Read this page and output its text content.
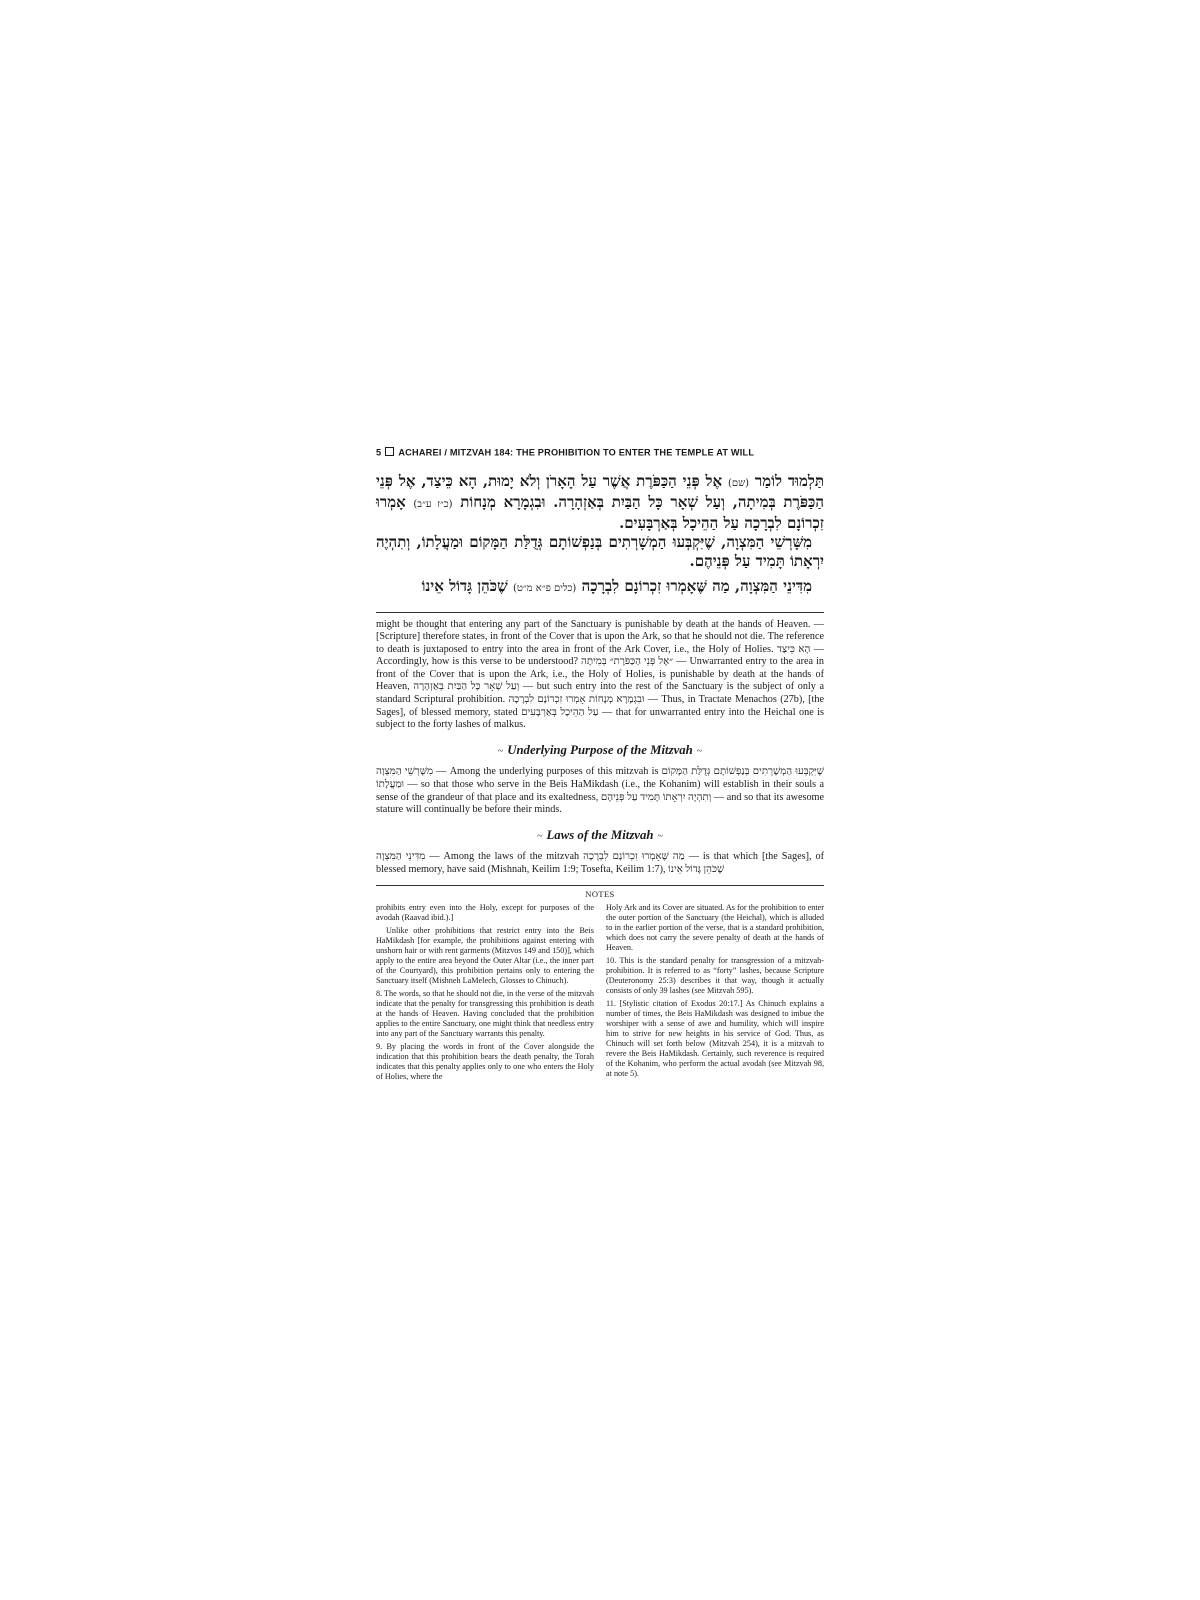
5 ACHAREI / MITZVAH 184: THE PROHIBITION TO ENTER THE TEMPLE AT WILL

תַּלְמוּד לוֹמַר (שם) אֶל פְּנֵי הַכַּפֹּרֶת אֲשֶׁר עַל הָאָרֹן וְלֹא יָמוּת, הָא כֵּיצַד, אֶל פְּנֵי הַכַּפֹּרֶת בְּמִיתָה, וְעַל שְׁאָר כָּל הַבַּיִת בְּאַזְהָרָה. וּבִגְמָרָא מְנָחוֹת (כ״ז ע״ב) אָמְרוּ זִכְרוֹנָם לִבְרָכָה עַל הַהֵיכָל בְּאַרְבָּעִים.

מִשָּׁרְשֵׁי הַמִּצְוָה, שֶׁיִּקְבְּעוּ הַמְשָׁרְתִים בְּנַפְשׁוֹתָם גְּדֻלַּת הַמָּקוֹם וּמַעֲלָתוֹ, וְתִהְיֶה יִרְאָתוֹ תָּמִיד עַל פְּנֵיהֶם.

מִדִּינֵי הַמִּצְוָה, מַה שֶּׁאָמְרוּ זִכְרוֹנָם לִבְרָכָה (כלים פ״א מ״ט) שֶׁכֹּהֵן גָּדוֹל אֵינוֹ

might be thought that entering any part of the Sanctuary is punishable by death at the hands of Heaven. — [Scripture] therefore states, in front of the Cover that is upon the Ark, so that he should not die. The reference to death is juxtaposed to entry into the area in front of the Ark Cover, i.e., the Holy of Holies. הָא כֵּיצַד — Accordingly, how is this verse to be understood? ״אֶל פְּנֵי הַכַּפֹּרֶת״ בְּמִיתָה — Unwarranted entry to the area in front of the Cover that is upon the Ark, i.e., the Holy of Holies, is punishable by death at the hands of Heaven, וְעַל שְׁאָר כָּל הַבַּיִת בְּאַזְהָרָה — but such entry into the rest of the Sanctuary is the subject of only a standard Scriptural prohibition. וּבִגְמָרָא מְנָחוֹת אָמְרוּ זִכְרוֹנָם לִבְרָכָה — Thus, in Tractate Menachos (27b), [the Sages], of blessed memory, stated עַל הַהֵיכָל בְּאַרְבָּעִים — that for unwarranted entry into the Heichal one is subject to the forty lashes of malkus.

~ Underlying Purpose of the Mitzvah ~

מִשָּׁרְשֵׁי הַמִּצְוָה — Among the underlying purposes of this mitzvah is שֶׁיִּקְבְּעוּ הַמְשָׁרְתִים בְּנַפְשׁוֹתָם גְּדֻלַּת הַמָּקוֹם וּמַעֲלָתוֹ — so that those who serve in the Beis HaMikdash (i.e., the Kohanim) will establish in their souls a sense of the grandeur of that place and its exaltedness, וְתִהְיֶה יִרְאָתוֹ תָּמִיד עַל פְּנֵיהֶם — and so that its awesome stature will continually be before their minds.

~ Laws of the Mitzvah ~

מִדִּינֵי הַמִּצְוָה — Among the laws of the mitzvah מַה שֶּׁאָמְרוּ זִכְרוֹנָם לִבְרָכָה — is that which [the Sages], of blessed memory, have said (Mishnah, Keilim 1:9; Tosefta, Keilim 1:7), שֶׁכֹּהֵן גָּדוֹל אֵינוֹ

NOTES

prohibits entry even into the Holy, except for purposes of the avodah (Raavad ibid.).]

Unlike other prohibitions that restrict entry into the Beis HaMikdash [for example, the prohibitions against entering with unshorn hair or with rent garments (Mitzvos 149 and 150)], which apply to the entire area beyond the Outer Altar (i.e., the inner part of the Courtyard), this prohibition pertains only to entering the Sanctuary itself (Mishneh LaMelech, Glosses to Chinuch).

8. The words, so that he should not die, in the verse of the mitzvah indicate that the penalty for transgressing this prohibition is death at the hands of Heaven. Having concluded that the prohibition applies to the entire Sanctuary, one might think that needless entry into any part of the Sanctuary warrants this penalty.

9. By placing the words in front of the Cover alongside the indication that this prohibition bears the death penalty, the Torah indicates that this penalty applies only to one who enters the Holy of Holies, where the

Holy Ark and its Cover are situated. As for the prohibition to enter the outer portion of the Sanctuary (the Heichal), which is alluded to in the earlier portion of the verse, that is a standard prohibition, which does not carry the severe penalty of death at the hands of Heaven.

10. This is the standard penalty for transgression of a mitzvah-prohibition. It is referred to as “forty” lashes, because Scripture (Deuteronomy 25:3) describes it that way, though it actually consists of only 39 lashes (see Mitzvah 595).

11. [Stylistic citation of Exodus 20:17.] As Chinuch explains a number of times, the Beis HaMikdash was designed to imbue the worshiper with a sense of awe and humility, which will inspire him to strive for new heights in his service of God. Thus, as Chinuch will set forth below (Mitzvah 254), it is a mitzvah to revere the Beis HaMikdash. Certainly, such reverence is required of the Kohanim, who perform the actual avodah (see Mitzvah 98, at note 5).
